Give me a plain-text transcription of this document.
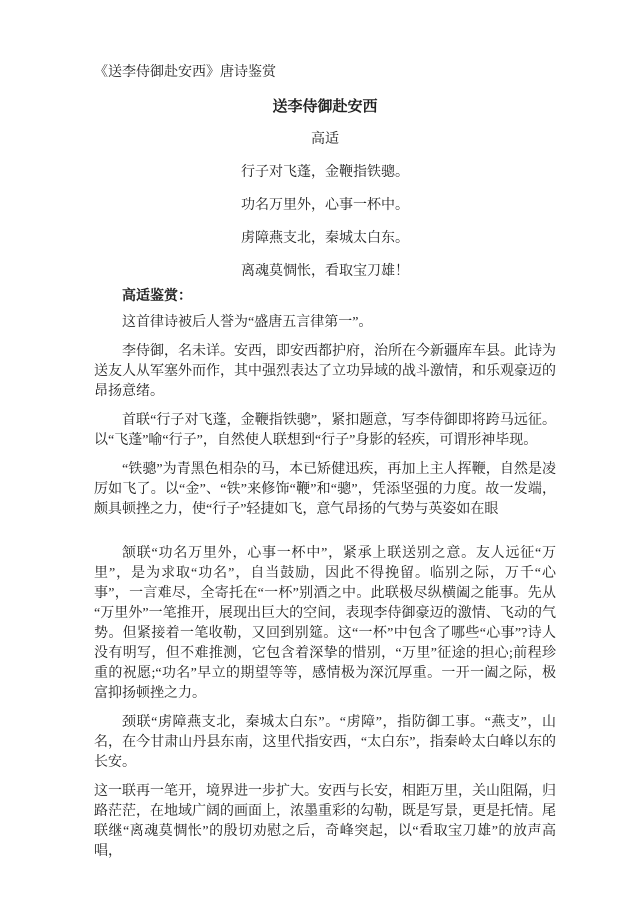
《送李侍御赴安西》唐诗鉴赏

送李侍御赴安西

高适

行子对飞蓬，金鞭指铁骢。

功名万里外，心事一杯中。

虏障燕支北，秦城太白东。

离魂莫惆怅，看取宝刀雄！

高适鉴赏：

这首律诗被后人誉为“盛唐五言律第一”。

李侍御，名未详。安西，即安西都护府，治所在今新疆库车县。此诗为送友人从军塞外而作，其中强烈表达了立功异域的战斗激情，和乐观豪迈的昂扬意绪。

首联“行子对飞蓬，金鞭指铁骢”，紧扣题意，写李侍御即将跨马远征。以“飞蓬”喻“行子”，自然使人联想到“行子”身影的轻疾，可谓形神毕现。

“铁骢”为青黑色相杂的马，本已矫健迅疾，再加上主人挥鞭，自然是凌厉如飞了。以“金”、“铁”来修饰“鞭”和“骢”，凭添坚强的力度。故一发端，颇具顿挫之力，使“行子”轻捷如飞，意气昂扬的气势与英姿如在眼

颔联“功名万里外，心事一杯中”，紧承上联送别之意。友人远征“万里”，是为求取“功名”，自当鼓励，因此不得挽留。临别之际，万千“心事”，一言难尽，全寄托在“一杯”别酒之中。此联极尽纵横阖之能事。先从“万里外”一笔推开，展现出巨大的空间，表现李侍御豪迈的激情、飞动的气势。但紧接着一笔收勒，又回到别筵。这“一杯”中包含了哪些“心事”?诗人没有明写，但不难推测，它包含着深挚的惜别，“万里”征途的担心;前程珍重的祝愿;“功名”早立的期望等等，感情极为深沉厚重。一开一阖之际，极富抑扬顿挫之力。

颈联“虏障燕支北，秦城太白东”。“虏障”，指防御工事。“燕支”，山名，在今甘肃山丹县东南，这里代指安西，“太白东”，指秦岭太白峰以东的长安。

这一联再一笔开，境界进一步扩大。安西与长安，相距万里，关山阻隔，归路茫茫，在地域广阔的画面上，浓墨重彩的勾勒，既是写景，更是托情。尾联继“离魂莫惆怅”的殷切劝慰之后，奇峰突起，以“看取宝刀雄”的放声高唱，
